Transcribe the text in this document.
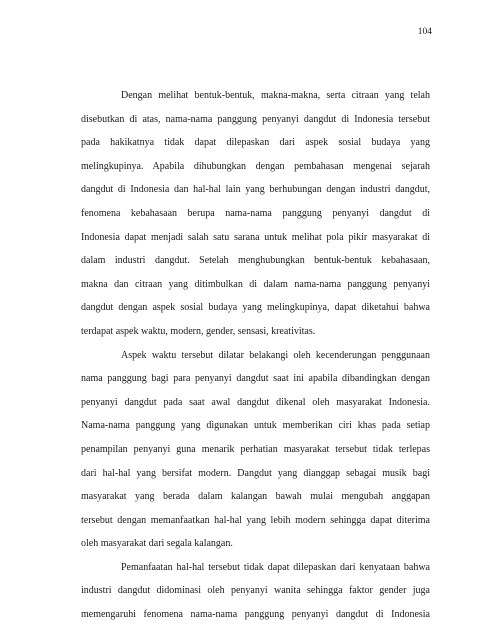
104
Dengan melihat bentuk-bentuk, makna-makna, serta citraan yang telah
disebutkan di atas, nama-nama panggung penyanyi dangdut di Indonesia tersebut
pada hakikatnya tidak dapat dilepaskan dari aspek sosial budaya yang
melingkupinya. Apabila dihubungkan dengan pembahasan mengenai sejarah
dangdut di Indonesia dan hal-hal lain yang berhubungan dengan industri dangdut,
fenomena kebahasaan berupa nama-nama panggung penyanyi dangdut di
Indonesia dapat menjadi salah satu sarana untuk melihat pola pikir masyarakat di
dalam industri dangdut. Setelah menghubungkan bentuk-bentuk kebahasaan,
makna dan citraan yang ditimbulkan di dalam nama-nama panggung penyanyi
dangdut dengan aspek sosial budaya yang melingkupinya, dapat diketahui bahwa
terdapat aspek waktu, modern, gender, sensasi, kreativitas.
Aspek waktu tersebut dilatar belakangi oleh kecenderungan penggunaan
nama panggung bagi para penyanyi dangdut saat ini apabila dibandingkan dengan
penyanyi dangdut pada saat awal dangdut dikenal oleh masyarakat Indonesia.
Nama-nama panggung yang digunakan untuk memberikan ciri khas pada setiap
penampilan penyanyi guna menarik perhatian masyarakat tersebut tidak terlepas
dari hal-hal yang bersifat modern. Dangdut yang dianggap sebagai musik bagi
masyarakat yang berada dalam kalangan bawah mulai mengubah anggapan
tersebut dengan memanfaatkan hal-hal yang lebih modern sehingga dapat diterima
oleh masyarakat dari segala kalangan.
Pemanfaatan hal-hal tersebut tidak dapat dilepaskan dari kenyataan bahwa
industri dangdut didominasi oleh penyanyi wanita sehingga faktor gender juga
memengaruhi fenomena nama-nama panggung penyanyi dangdut di Indonesia
